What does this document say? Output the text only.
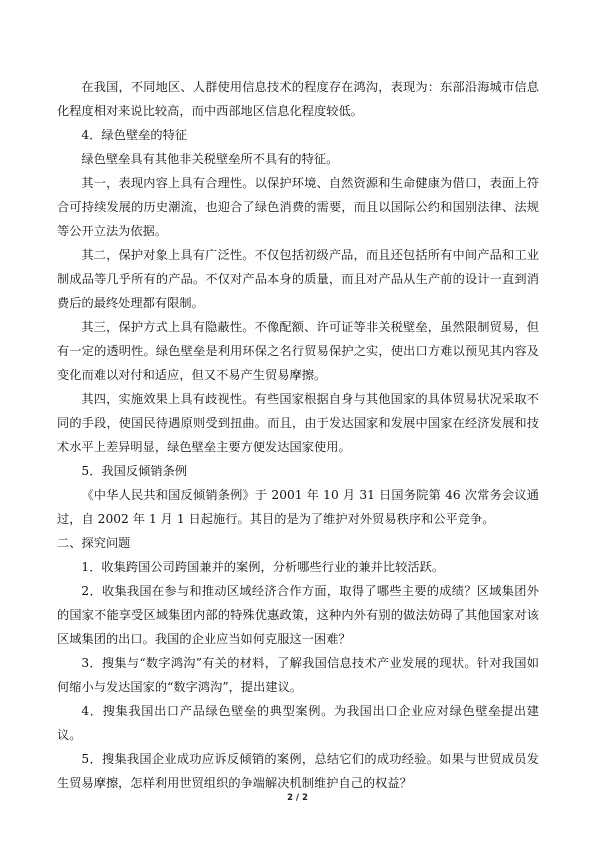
在我国，不同地区、人群使用信息技术的程度存在鸿沟，表现为：东部沿海城市信息化程度相对来说比较高，而中西部地区信息化程度较低。

4．绿色壁垒的特征

绿色壁垒具有其他非关税壁垒所不具有的特征。

其一，表现内容上具有合理性。以保护环境、自然资源和生命健康为借口，表面上符合可持续发展的历史潮流，也迎合了绿色消费的需要，而且以国际公约和国别法律、法规等公开立法为依据。

其二，保护对象上具有广泛性。不仅包括初级产品，而且还包括所有中间产品和工业制成品等几乎所有的产品。不仅对产品本身的质量，而且对产品从生产前的设计一直到消费后的最终处理都有限制。

其三，保护方式上具有隐蔽性。不像配额、许可证等非关税壁垒，虽然限制贸易，但有一定的透明性。绿色壁垒是利用环保之名行贸易保护之实，使出口方难以预见其内容及变化而难以对付和适应，但又不易产生贸易摩擦。

其四，实施效果上具有歧视性。有些国家根据自身与其他国家的具体贸易状况采取不同的手段，使国民待遇原则受到扭曲。而且，由于发达国家和发展中国家在经济发展和技术水平上差异明显，绿色壁垒主要方便发达国家使用。

5．我国反倾销条例

《中华人民共和国反倾销条例》于 2001 年 10 月 31 日国务院第 46 次常务会议通过，自 2002 年 1 月 1 日起施行。其目的是为了维护对外贸易秩序和公平竞争。

二、探究问题

1．收集跨国公司跨国兼并的案例，分析哪些行业的兼并比较活跃。

2．收集我国在参与和推动区域经济合作方面，取得了哪些主要的成绩？区域集团外的国家不能享受区域集团内部的特殊优惠政策，这种内外有别的做法妨碍了其他国家对该区域集团的出口。我国的企业应当如何克服这一困难？

3．搜集与“数字鸿沟”有关的材料，了解我国信息技术产业发展的现状。针对我国如何缩小与发达国家的“数字鸿沟”，提出建议。

4．搜集我国出口产品绿色壁垒的典型案例。为我国出口企业应对绿色壁垒提出建议。

5．搜集我国企业成功应诉反倾销的案例，总结它们的成功经验。如果与世贸成员发生贸易摩擦，怎样利用世贸组织的争端解决机制维护自己的权益？

2 / 2
